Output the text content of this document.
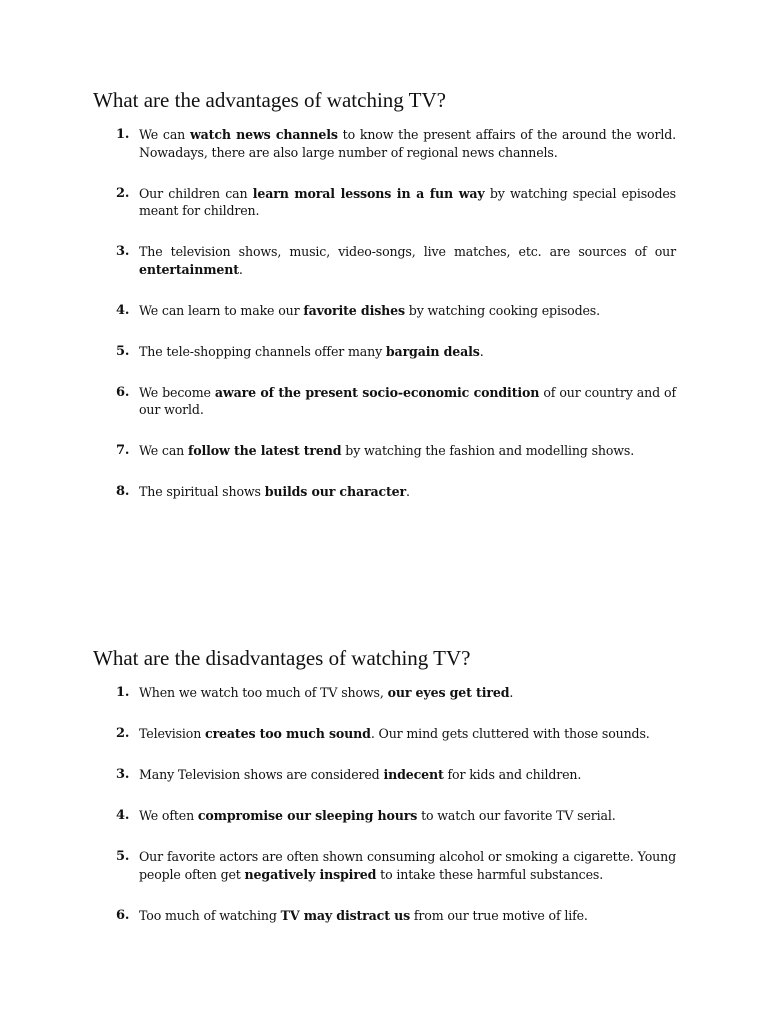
What are the advantages of watching TV?
1 .	We can watch news channels to know the present affairs of the around the world. Nowadays, there are also large number of regional news channels.
2 .	Our children can learn moral lessons in a fun way by watching special episodes meant for children.
3 .	The television shows, music, video-songs, live matches, etc. are sources of our entertainment.
4 .	We can learn to make our favorite dishes by watching cooking episodes.
5 .	The tele-shopping channels offer many bargain deals.
6 .	We become aware of the present socio-economic condition of our country and of our world.
7 .	We can follow the latest trend by watching the fashion and modelling shows.
8 .	The spiritual shows builds our character.
What are the disadvantages of watching TV?
1 .	When we watch too much of TV shows, our eyes get tired.
2 .	Television creates too much sound. Our mind gets cluttered with those sounds.
3 .	Many Television shows are considered indecent for kids and children.
4 .	We often compromise our sleeping hours to watch our favorite TV serial.
5 .	Our favorite actors are often shown consuming alcohol or smoking a cigarette. Young people often get negatively inspired to intake these harmful substances.
6 .	Too much of watching TV may distract us from our true motive of life.
